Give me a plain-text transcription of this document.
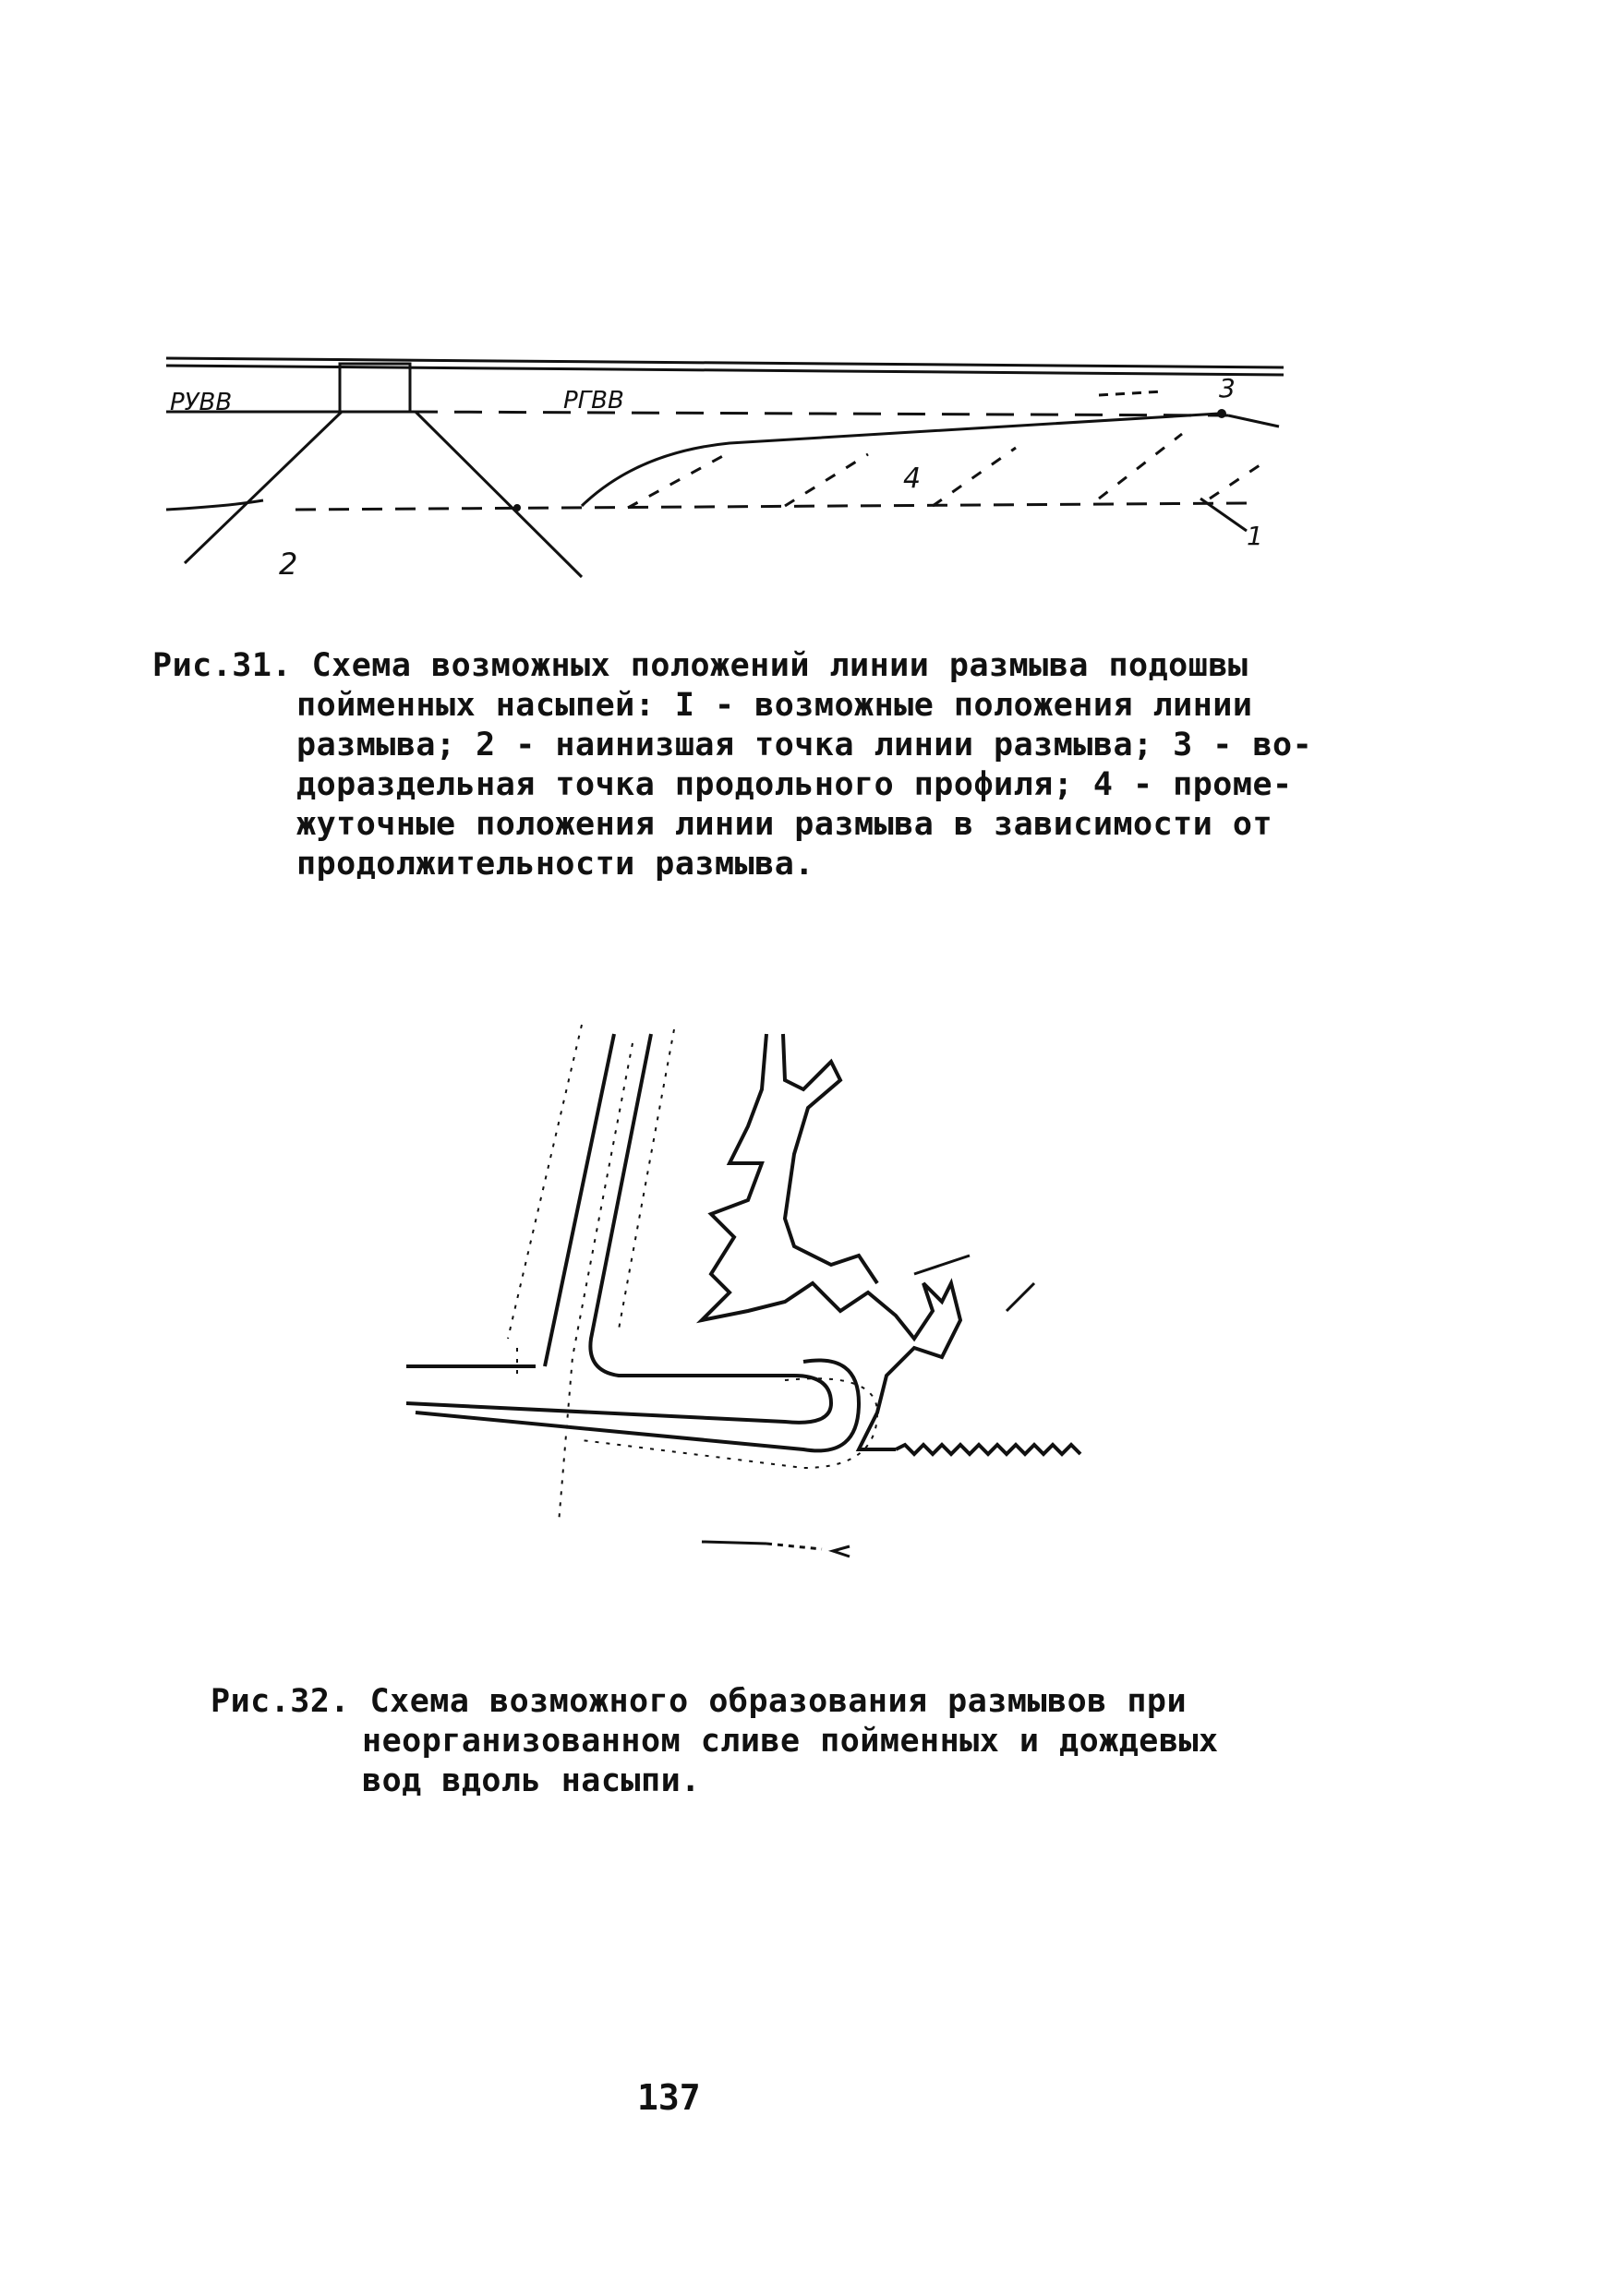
РУВВ	РГВВ	3
4
2
1
Рис.31. Схема возможных положений линии размыва подошвы
пойменных насыпей: I - возможные положения линии
размыва; 2 - наинизшая точка линии размыва; 3 - во-
дораздельная точка продольного профиля; 4 - проме-
жуточные положения линии размыва в зависимости от
продолжительности размыва.
Рис.32. Схема возможного образования размывов при
неорганизованном сливе пойменных и дождевых
вод вдоль насыпи.
137
